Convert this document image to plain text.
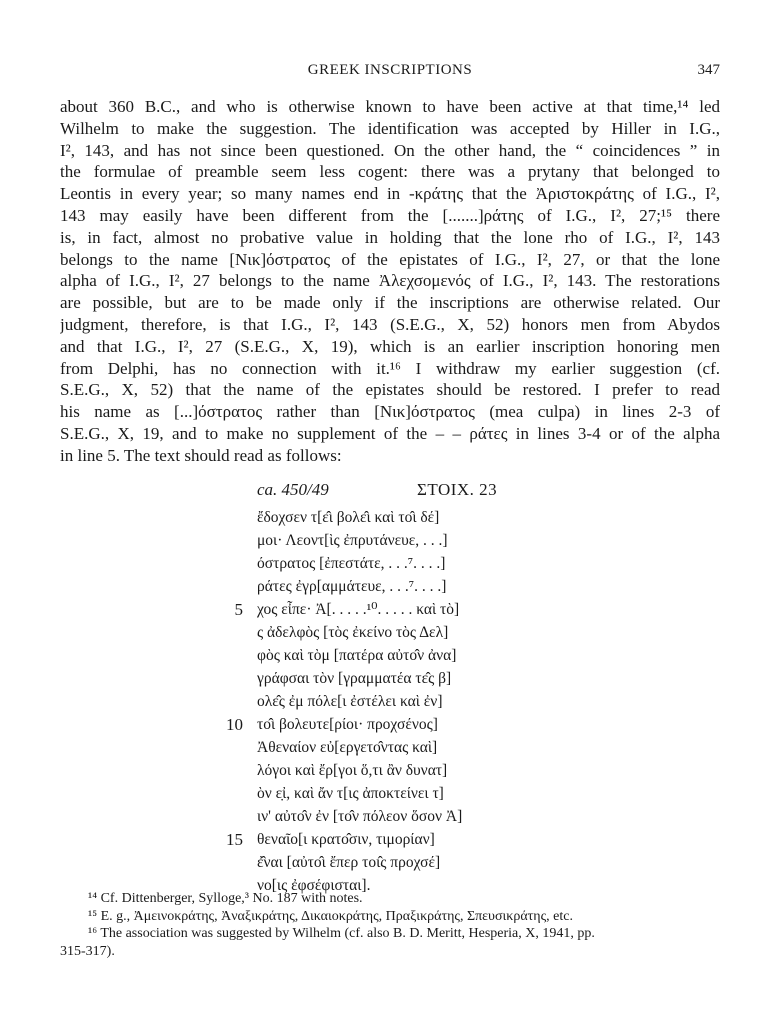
GREEK INSCRIPTIONS	347
about 360 B.C., and who is otherwise known to have been active at that time,¹⁴ led
Wilhelm to make the suggestion. The identification was accepted by Hiller in I.G.,
I², 143, and has not since been questioned. On the other hand, the “ coincidences ” in
the formulae of preamble seem less cogent: there was a prytany that belonged to
Leontis in every year; so many names end in -κράτης that the Ἀριστοκράτης of I.G., I²,
143 may easily have been different from the [.......]ράτης of I.G., I², 27;¹⁵ there
is, in fact, almost no probative value in holding that the lone rho of I.G., I², 143
belongs to the name [Νικ]όστρατος of the epistates of I.G., I², 27, or that the lone
alpha of I.G., I², 27 belongs to the name Ἀλεχσομενός of I.G., I², 143. The restorations
are possible, but are to be made only if the inscriptions are otherwise related. Our
judgment, therefore, is that I.G., I², 143 (S.E.G., X, 52) honors men from Abydos
and that I.G., I², 27 (S.E.G., X, 19), which is an earlier inscription honoring men
from Delphi, has no connection with it.¹⁶ I withdraw my earlier suggestion (cf.
S.E.G., X, 52) that the name of the epistates should be restored. I prefer to read
his name as [...]όστρατος rather than [Νικ]όστρατος (mea culpa) in lines 2-3 of
S.E.G., X, 19, and to make no supplement of the – – ράτες in lines 3-4 or of the alpha
in line 5. The text should read as follows:
ca. 450/49	ΣΤΟΙΧ. 23
ἔδοχσεν τ[ε̂ι βολε̂ι καὶ το̂ι δέ]
μοι· Λεοντ[ὶς ἐπρυτάνευε, . . .]
όστρατος [ἐπεστάτε, . . .⁷. . . .]
ράτες ἐγρ[αμμάτευε, . . .⁷. . . .]
5 χος εἶπε· Ἀ[. . . . .¹⁰. . . . . καὶ τὸ]
ς ἀδελφὸς [τὸς ἐκείνο τὸς Δελ]
φὸς καὶ τὸμ [πατέρα αὐτο̂ν ἀνα]
γράφσαι τὸν [γραμματέα τε̂ς β]
ολε̂ς ἐμ πόλε[ι ἐστέλει καὶ ἐν]
10 το̂ι βολευτε[ρίοι· προχσένος]
Ἀθεναίον εὐ[εργετο̂ντας καὶ]
λόγοι καὶ ἔρ[γοι ὅ,τι ἂν δυνατ]
ὸν ε̣ἰ, καὶ ἄν τ[ις ἀποκτείνει τ]
ιν' αὐτο̂ν ἐν [το̂ν πόλεον ὅσον Ἀ]
15 θεναῖο[ι κρατο̂σιν, τιμορίαν]
ἐ̂ναι [αὐτο̂ι ἔπερ τοι̂ς προχσέ]
νο[ις ἐφσέφισται].
¹⁴ Cf. Dittenberger, Sylloge,³ No. 187 with notes.
¹⁵ E. g., Ἀμεινοκράτης, Ἀναξικράτης, Δικαιοκράτης, Πραξικράτης, Σπευσικράτης, etc.
¹⁶ The association was suggested by Wilhelm (cf. also B. D. Meritt, Hesperia, X, 1941, pp.
315-317).
